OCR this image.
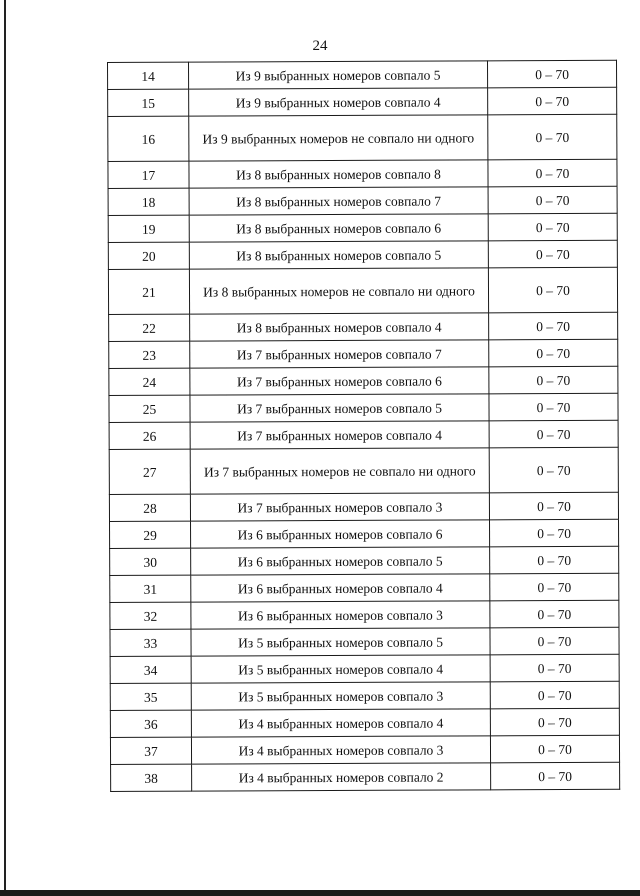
24
14	Из 9 выбранных номеров совпало 5	0 – 70
15	Из 9 выбранных номеров совпало 4	0 – 70
16	Из 9 выбранных номеров не совпало ни одного	0 – 70
17	Из 8 выбранных номеров совпало 8	0 – 70
18	Из 8 выбранных номеров совпало 7	0 – 70
19	Из 8 выбранных номеров совпало 6	0 – 70
20	Из 8 выбранных номеров совпало 5	0 – 70
21	Из 8 выбранных номеров не совпало ни одного	0 – 70
22	Из 8 выбранных номеров совпало 4	0 – 70
23	Из 7 выбранных номеров совпало 7	0 – 70
24	Из 7 выбранных номеров совпало 6	0 – 70
25	Из 7 выбранных номеров совпало 5	0 – 70
26	Из 7 выбранных номеров совпало 4	0 – 70
27	Из 7 выбранных номеров не совпало ни одного	0 – 70
28	Из 7 выбранных номеров совпало 3	0 – 70
29	Из 6 выбранных номеров совпало 6	0 – 70
30	Из 6 выбранных номеров совпало 5	0 – 70
31	Из 6 выбранных номеров совпало 4	0 – 70
32	Из 6 выбранных номеров совпало 3	0 – 70
33	Из 5 выбранных номеров совпало 5	0 – 70
34	Из 5 выбранных номеров совпало 4	0 – 70
35	Из 5 выбранных номеров совпало 3	0 – 70
36	Из 4 выбранных номеров совпало 4	0 – 70
37	Из 4 выбранных номеров совпало 3	0 – 70
38	Из 4 выбранных номеров совпало 2	0 – 70
